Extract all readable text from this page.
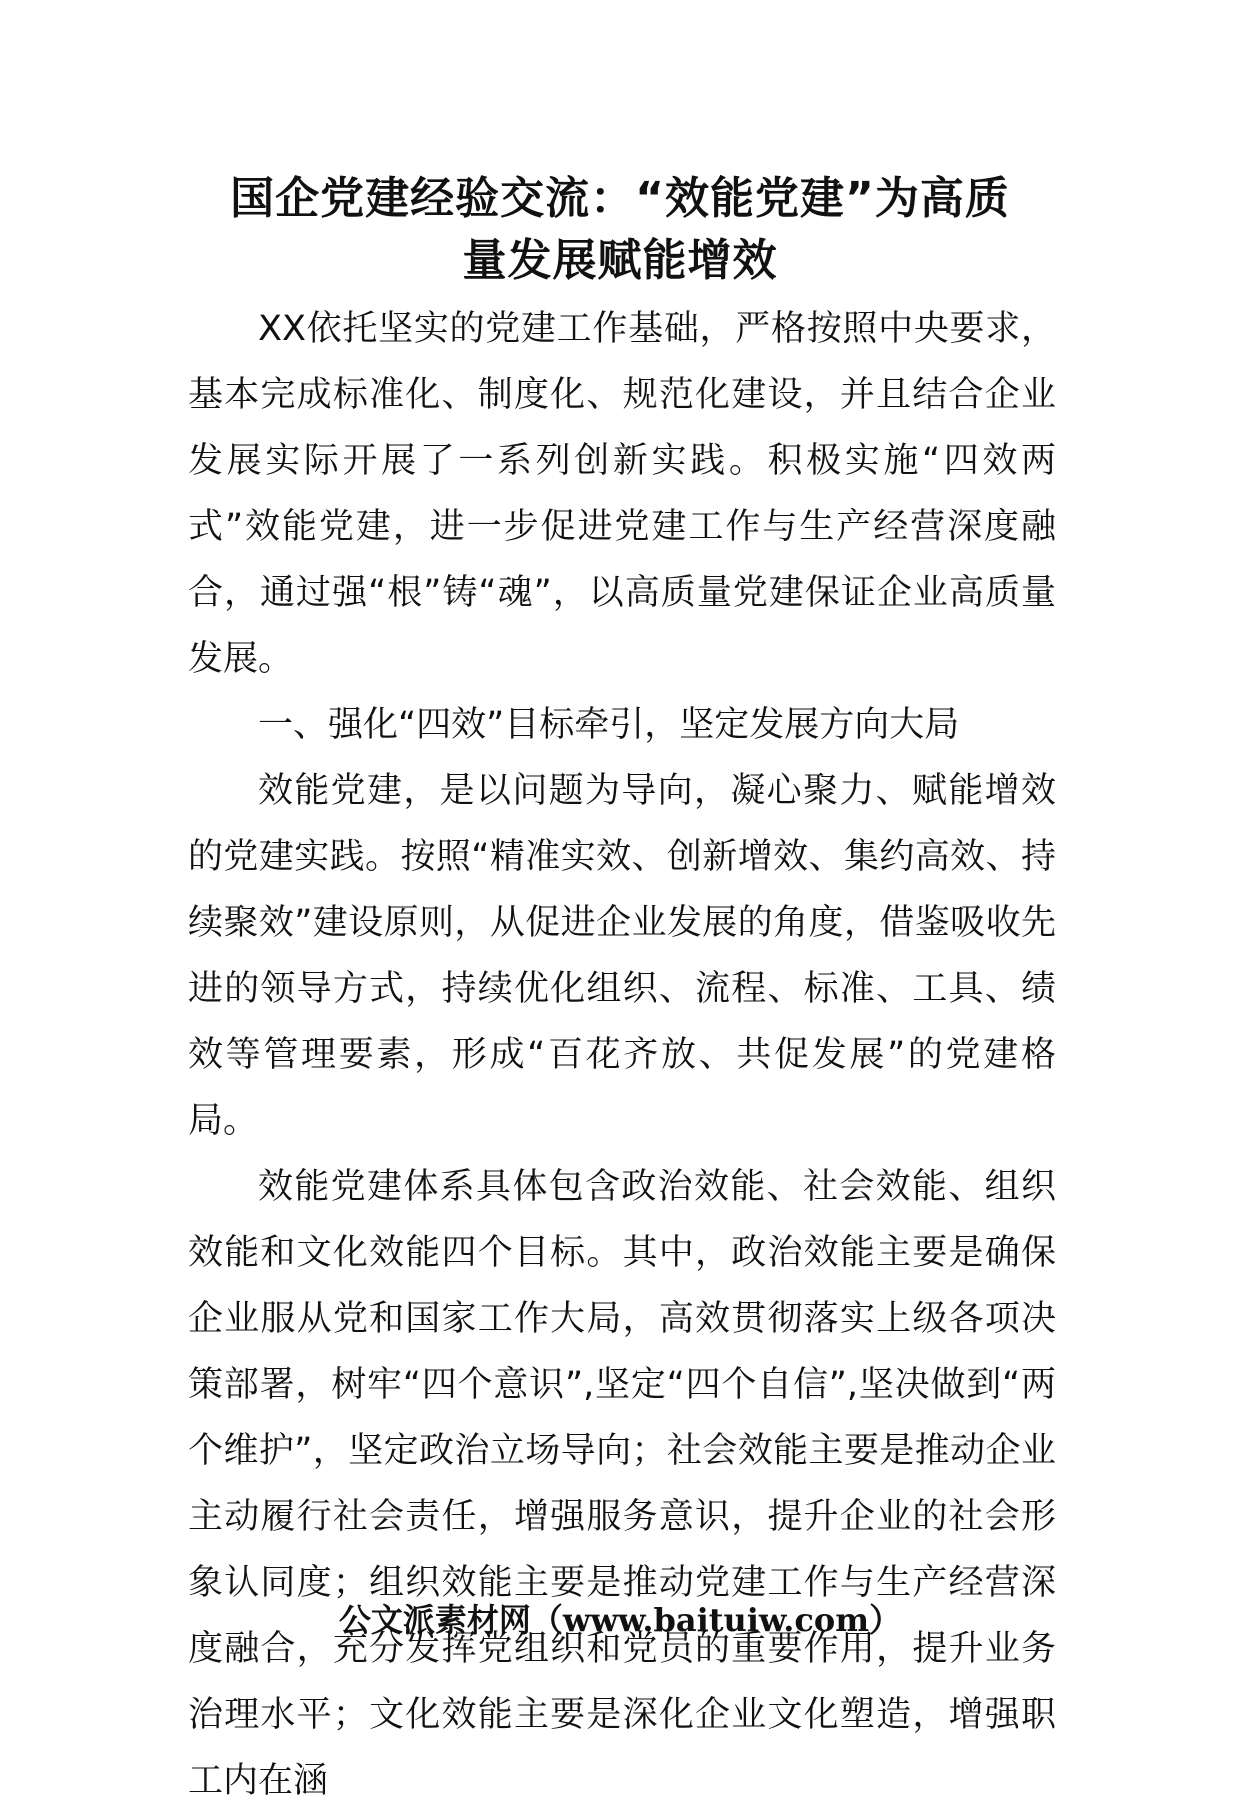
国企党建经验交流：“效能党建”为高质
量发展赋能增效

XX依托坚实的党建工作基础，严格按照中央要求，基本完成标准化、制度化、规范化建设，并且结合企业发展实际开展了一系列创新实践。积极实施“四效两式”效能党建，进一步促进党建工作与生产经营深度融合，通过强“根”铸“魂”，以高质量党建保证企业高质量发展。

一、强化“四效”目标牵引，坚定发展方向大局

效能党建，是以问题为导向，凝心聚力、赋能增效的党建实践。按照“精准实效、创新增效、集约高效、持续聚效”建设原则，从促进企业发展的角度，借鉴吸收先进的领导方式，持续优化组织、流程、标准、工具、绩效等管理要素，形成“百花齐放、共促发展”的党建格局。

效能党建体系具体包含政治效能、社会效能、组织效能和文化效能四个目标。其中，政治效能主要是确保企业服从党和国家工作大局，高效贯彻落实上级各项决策部署，树牢“四个意识”,坚定“四个自信”,坚决做到“两个维护”，坚定政治立场导向；社会效能主要是推动企业主动履行社会责任，增强服务意识，提升企业的社会形象认同度；组织效能主要是推动党建工作与生产经营深度融合，充分发挥党组织和党员的重要作用，提升业务治理水平；文化效能主要是深化企业文化塑造，增强职工内在涵

公文派素材网（www.baituiw.com）
